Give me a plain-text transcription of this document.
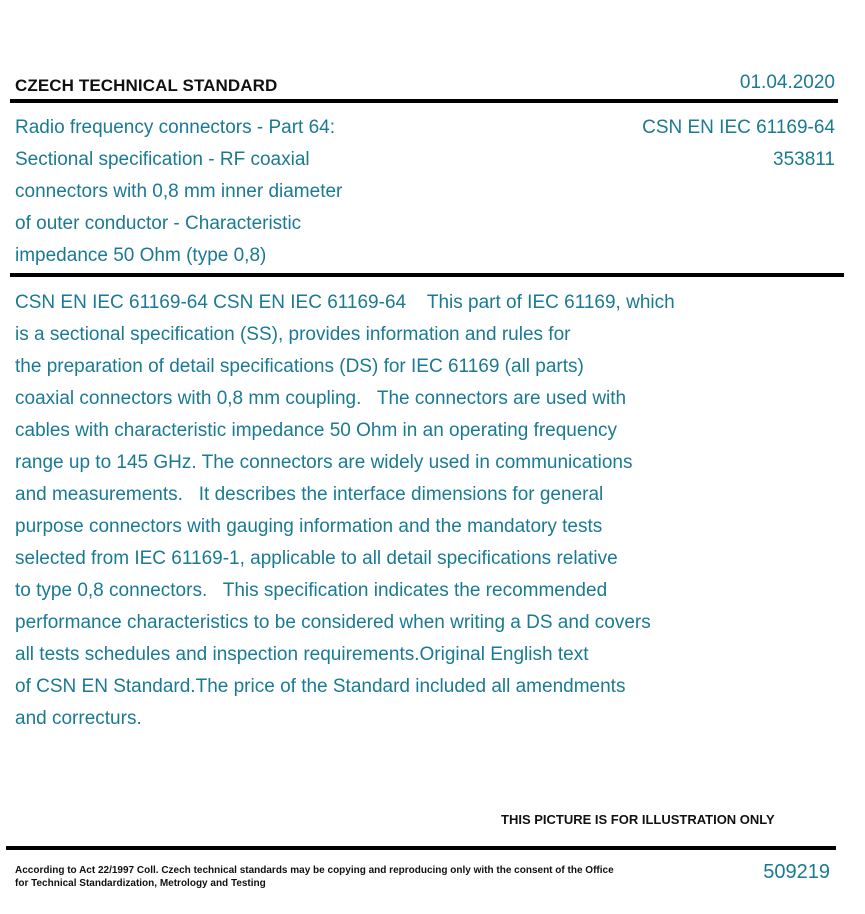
CZECH TECHNICAL STANDARD	01.04.2020
Radio frequency connectors - Part 64:
Sectional specification - RF coaxial
connectors with 0,8 mm inner diameter
of outer conductor - Characteristic
impedance 50 Ohm (type 0,8)
CSN EN IEC 61169-64
353811
CSN EN IEC 61169-64 CSN EN IEC 61169-64    This part of IEC 61169, which
is a sectional specification (SS), provides information and rules for
the preparation of detail specifications (DS) for IEC 61169 (all parts)
coaxial connectors with 0,8 mm coupling.   The connectors are used with
cables with characteristic impedance 50 Ohm in an operating frequency
range up to 145 GHz. The connectors are widely used in communications
and measurements.   It describes the interface dimensions for general
purpose connectors with gauging information and the mandatory tests
selected from IEC 61169-1, applicable to all detail specifications relative
to type 0,8 connectors.   This specification indicates the recommended
performance characteristics to be considered when writing a DS and covers
all tests schedules and inspection requirements.Original English text
of CSN EN Standard.The price of the Standard included all amendments
and correcturs.
THIS PICTURE IS FOR ILLUSTRATION ONLY
According to Act 22/1997 Coll. Czech technical standards may be copying and reproducing only with the consent of the Office
for Technical Standardization, Metrology and Testing
509219
